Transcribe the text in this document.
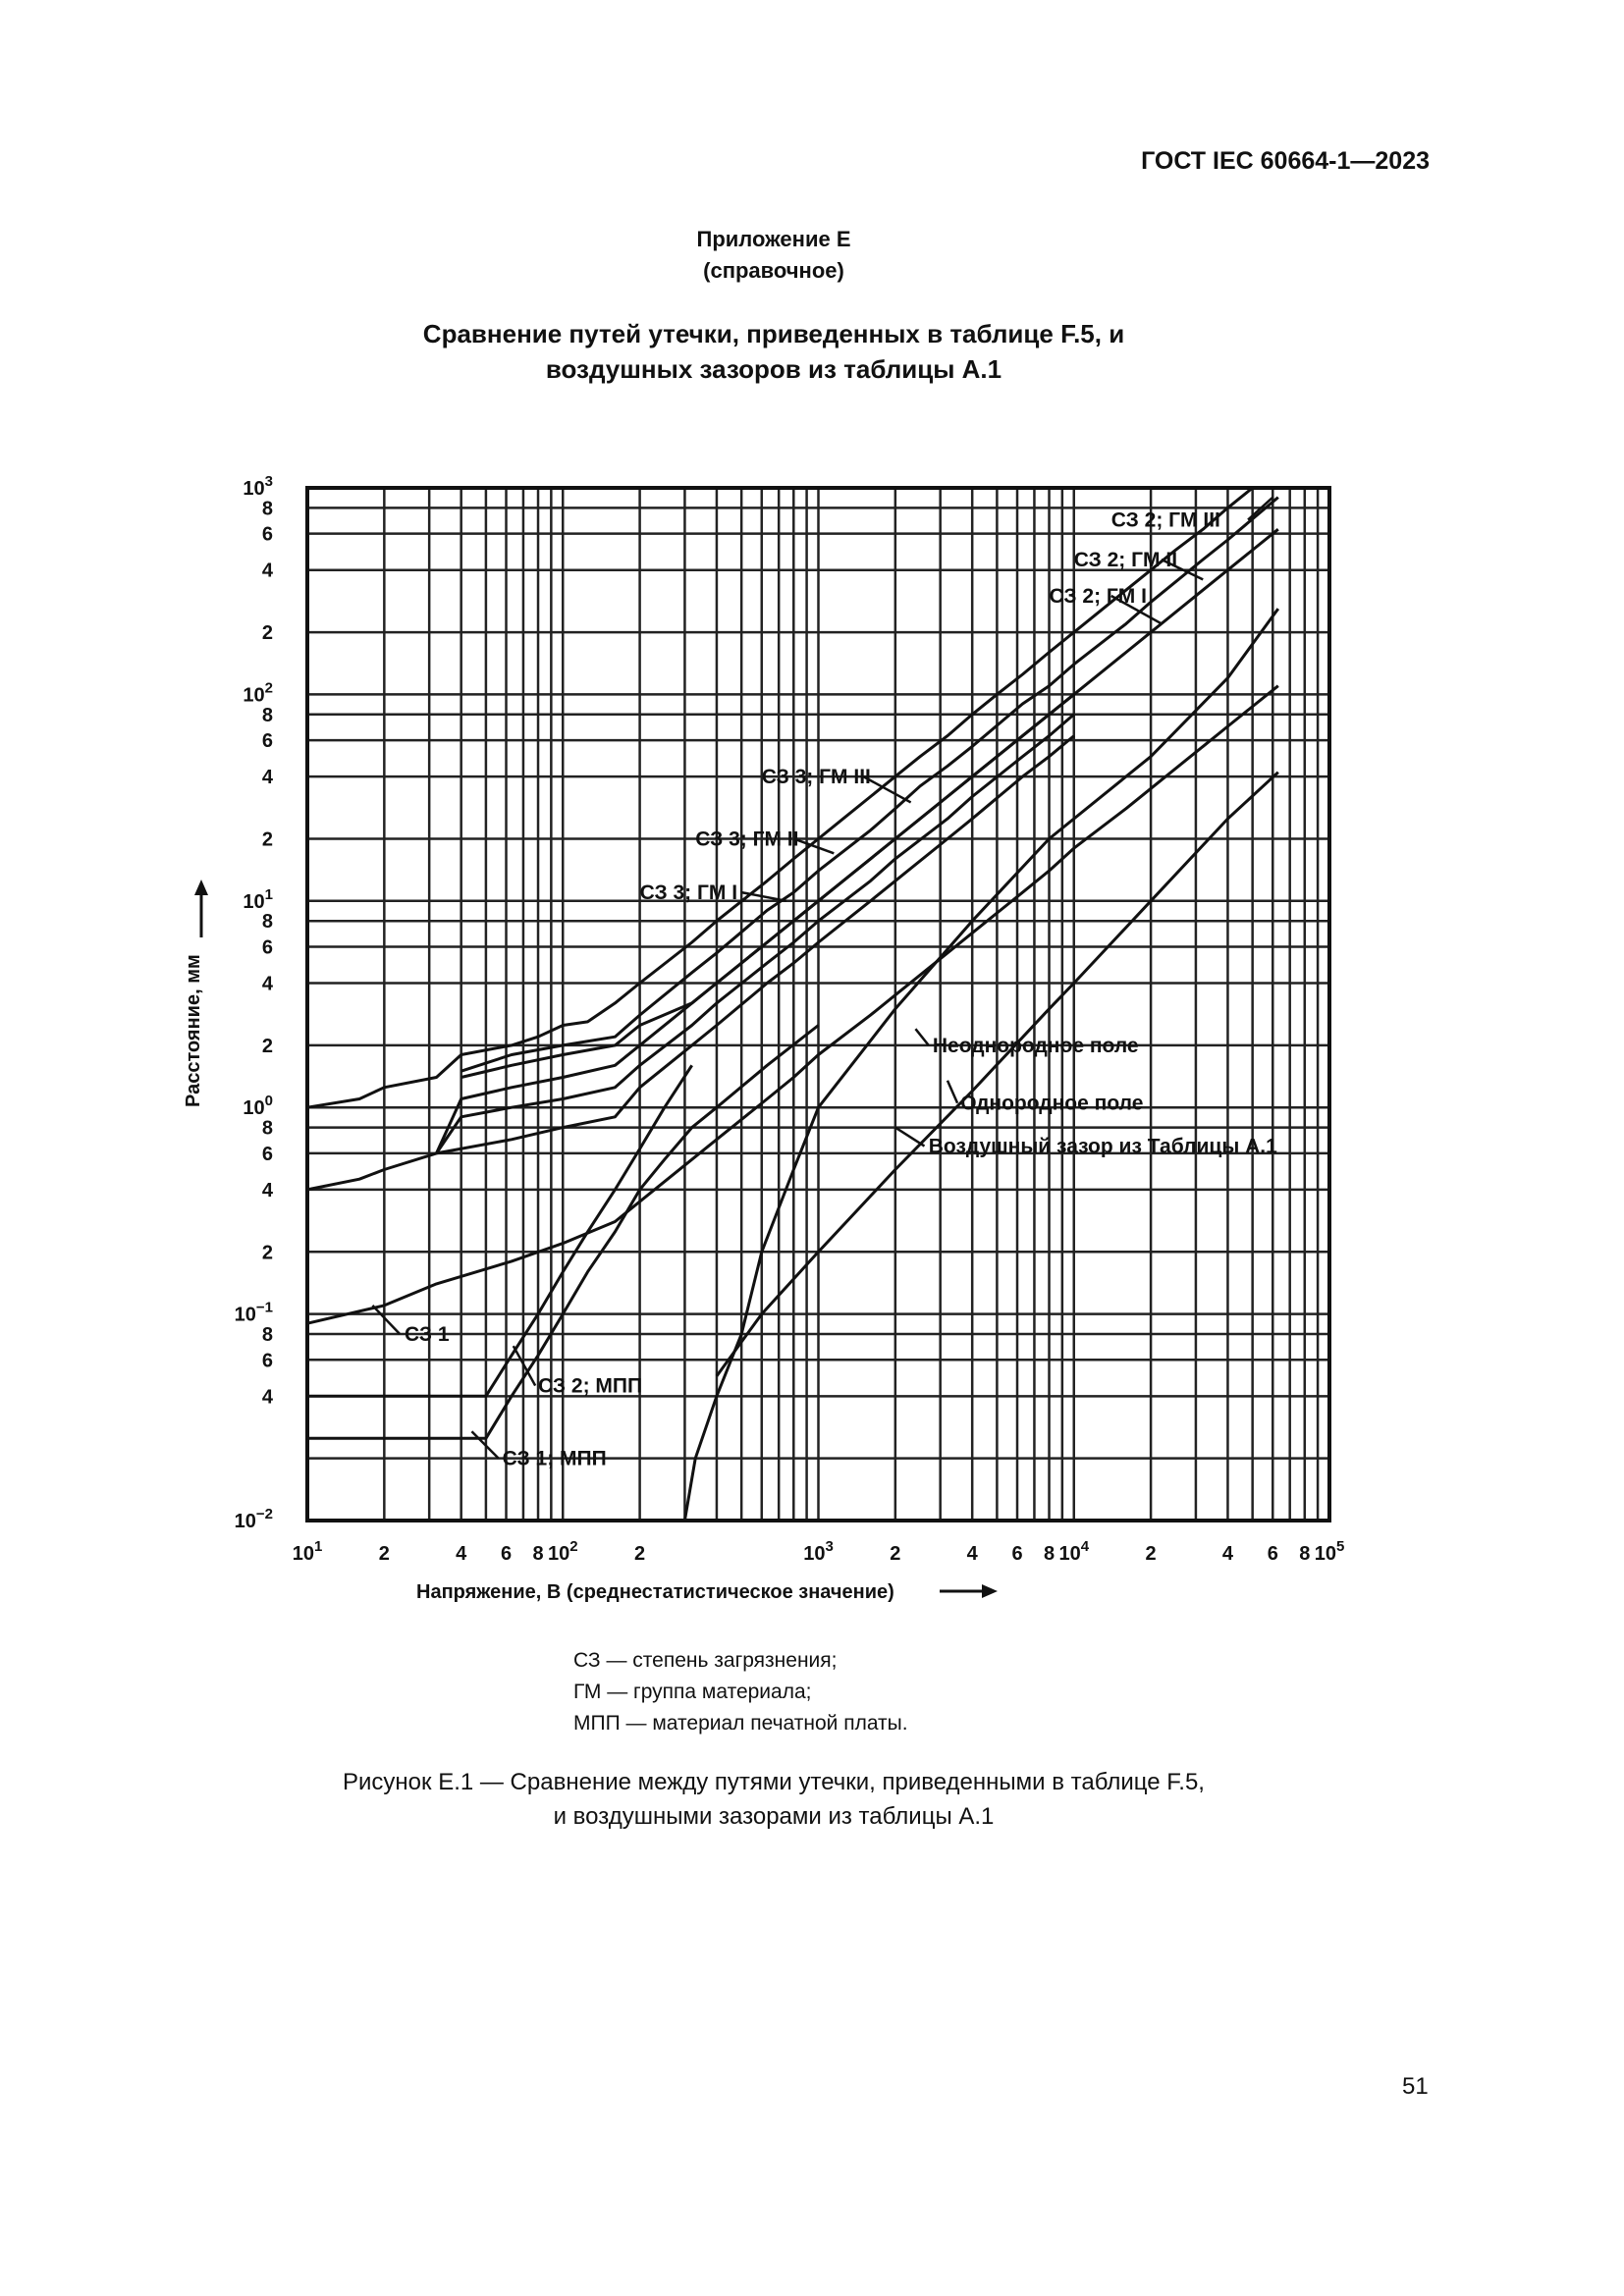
ГОСТ IEC 60664-1—2023
Приложение Е
(справочное)
Сравнение путей утечки, приведенных в таблице F.5, и
воздушных зазоров из таблицы А.1
$10^{-2}$
4
6
8
$10^{-1}$
2
4
6
8
$10^0$
2
4
6
8
$10^1$
2
4
6
8
$10^2$
2
4
6
8
$10^3$
$10^1$	2	4 6 8 $10^2$	2	$10^3$	2	4 6 8 $10^4$	2	4 6 8 $10^5$
СЗ 2; ГМ III
СЗ 2; ГМ II
СЗ 2; ГМ I
СЗ 3; ГМ III
СЗ 3; ГМ II
СЗ 3; ГМ I
Неоднородное поле
Однородное поле
Воздушный зазор из Таблицы А.1
СЗ 1
СЗ 2; МПП
СЗ 1; МПП
Напряжение, В (среднестатистическое значение)
Расстояние, мм
СЗ — степень загрязнения;
ГМ — группа материала;
МПП — материал печатной платы.
Рисунок Е.1 — Сравнение между путями утечки, приведенными в таблице F.5,
и воздушными зазорами из таблицы А.1
51
